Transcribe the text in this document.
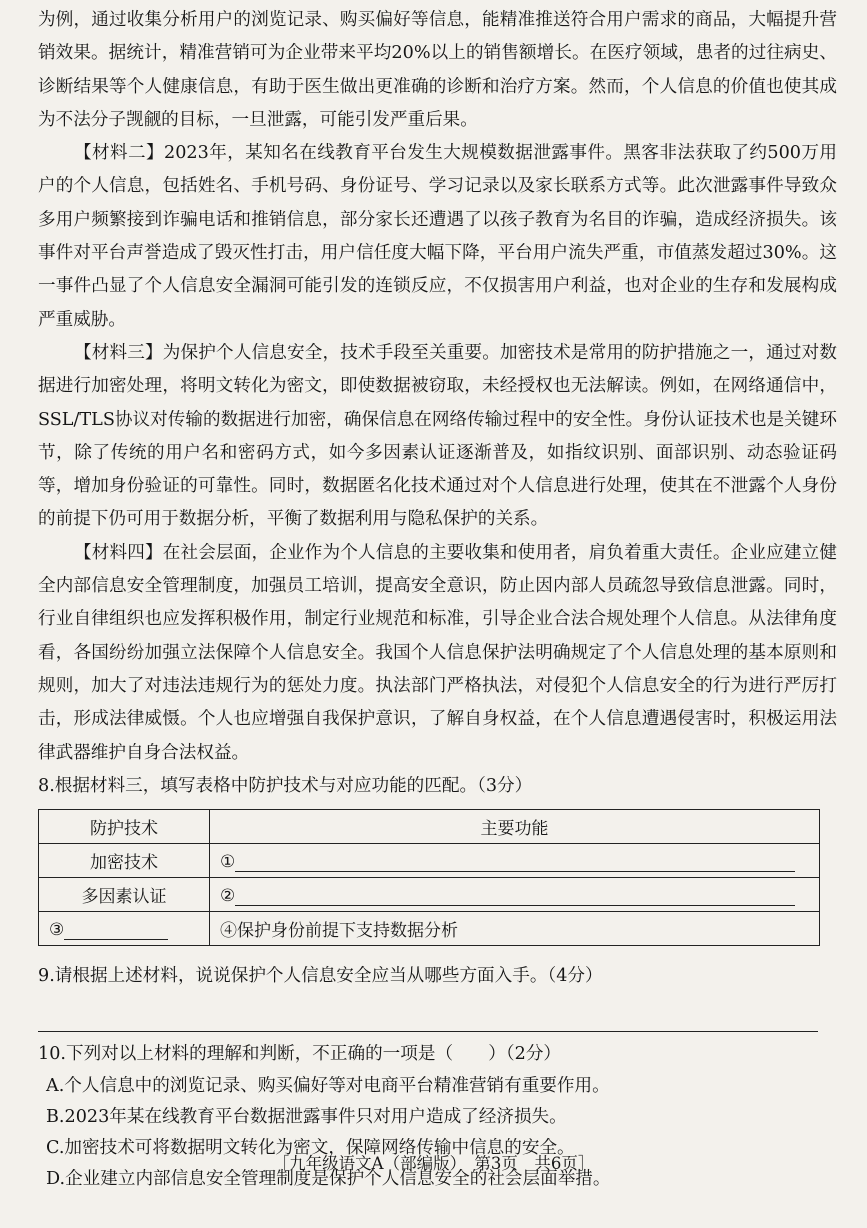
为例，通过收集分析用户的浏览记录、购买偏好等信息，能精准推送符合用户需求的商品，大幅提升营销效果。据统计，精准营销可为企业带来平均20%以上的销售额增长。在医疗领域，患者的过往病史、诊断结果等个人健康信息，有助于医生做出更准确的诊断和治疗方案。然而，个人信息的价值也使其成为不法分子觊觎的目标，一旦泄露，可能引发严重后果。

【材料二】2023年，某知名在线教育平台发生大规模数据泄露事件。黑客非法获取了约500万用户的个人信息，包括姓名、手机号码、身份证号、学习记录以及家长联系方式等。此次泄露事件导致众多用户频繁接到诈骗电话和推销信息，部分家长还遭遇了以孩子教育为名目的诈骗，造成经济损失。该事件对平台声誉造成了毁灭性打击，用户信任度大幅下降，平台用户流失严重，市值蒸发超过30%。这一事件凸显了个人信息安全漏洞可能引发的连锁反应，不仅损害用户利益，也对企业的生存和发展构成严重威胁。

【材料三】为保护个人信息安全，技术手段至关重要。加密技术是常用的防护措施之一，通过对数据进行加密处理，将明文转化为密文，即使数据被窃取，未经授权也无法解读。例如，在网络通信中，SSL/TLS协议对传输的数据进行加密，确保信息在网络传输过程中的安全性。身份认证技术也是关键环节，除了传统的用户名和密码方式，如今多因素认证逐渐普及，如指纹识别、面部识别、动态验证码等，增加身份验证的可靠性。同时，数据匿名化技术通过对个人信息进行处理，使其在不泄露个人身份的前提下仍可用于数据分析，平衡了数据利用与隐私保护的关系。

【材料四】在社会层面，企业作为个人信息的主要收集和使用者，肩负着重大责任。企业应建立健全内部信息安全管理制度，加强员工培训，提高安全意识，防止因内部人员疏忽导致信息泄露。同时，行业自律组织也应发挥积极作用，制定行业规范和标准，引导企业合法合规处理个人信息。从法律角度看，各国纷纷加强立法保障个人信息安全。我国个人信息保护法明确规定了个人信息处理的基本原则和规则，加大了对违法违规行为的惩处力度。执法部门严格执法，对侵犯个人信息安全的行为进行严厉打击，形成法律威慑。个人也应增强自我保护意识，了解自身权益，在个人信息遭遇侵害时，积极运用法律武器维护自身合法权益。

8.根据材料三，填写表格中防护技术与对应功能的匹配。（3分）

防护技术	主要功能
加密技术	①
多因素认证	②
③	④保护身份前提下支持数据分析

9.请根据上述材料，说说保护个人信息安全应当从哪些方面入手。（4分）

10.下列对以上材料的理解和判断，不正确的一项是（　　）（2分）

A.个人信息中的浏览记录、购买偏好等对电商平台精准营销有重要作用。

B.2023年某在线教育平台数据泄露事件只对用户造成了经济损失。

C.加密技术可将数据明文转化为密文，保障网络传输中信息的安全。

D.企业建立内部信息安全管理制度是保护个人信息安全的社会层面举措。

［九年级语文A（部编版）　第3页　共6页］
